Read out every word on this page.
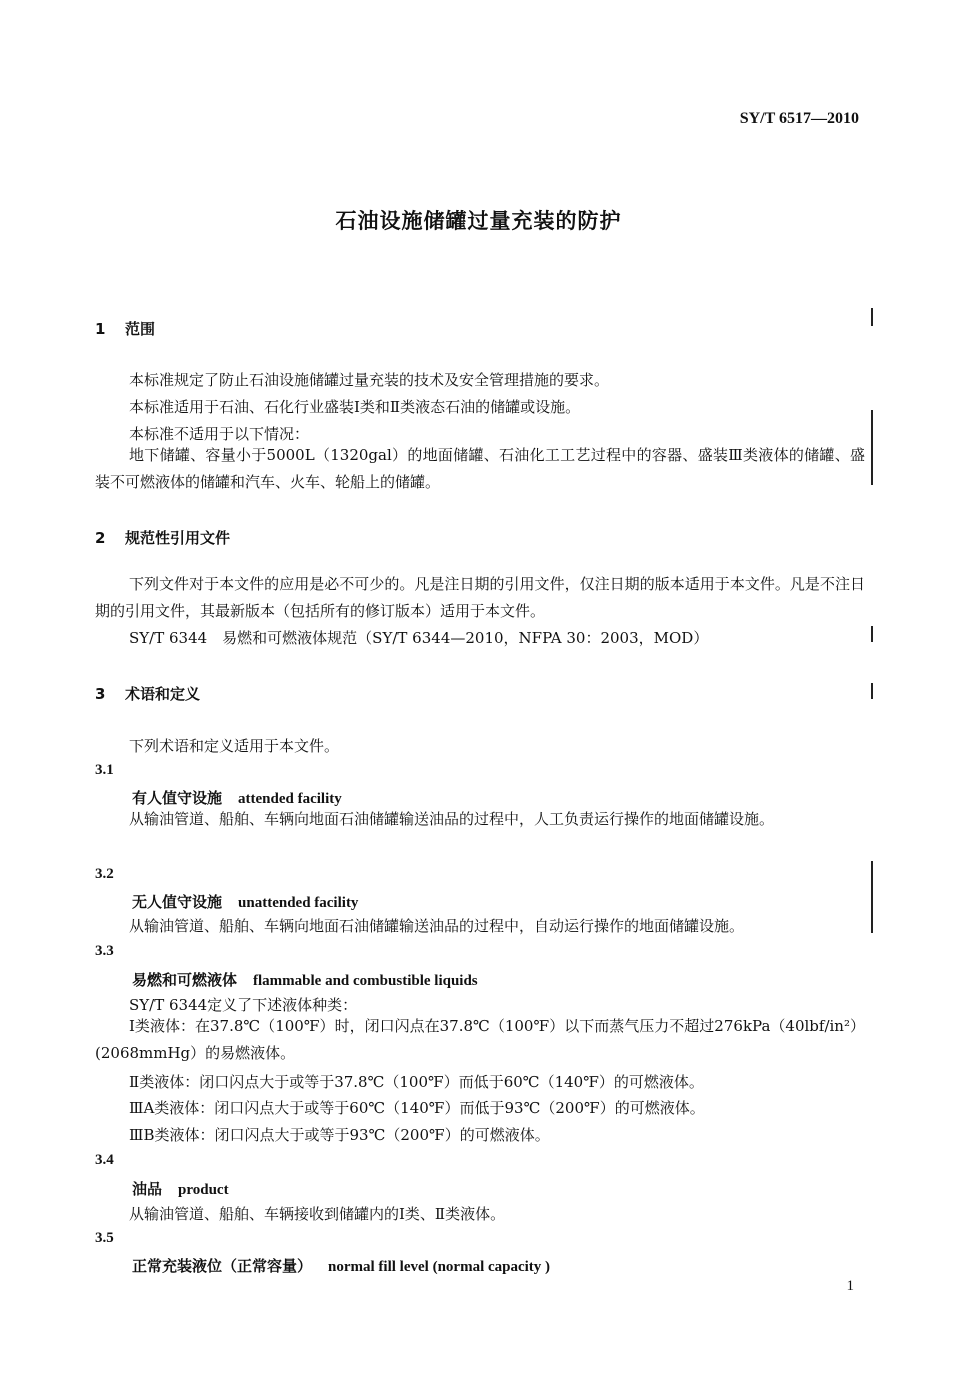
SY/T 6517—2010
石油设施储罐过量充装的防护
1 范围
本标准规定了防止石油设施储罐过量充装的技术及安全管理措施的要求。
本标准适用于石油、石化行业盛装Ⅰ类和Ⅱ类液态石油的储罐或设施。
本标准不适用于以下情况：
地下储罐、容量小于5000L（1320gal）的地面储罐、石油化工工艺过程中的容器、盛装Ⅲ类液体的储罐、盛装不可燃液体的储罐和汽车、火车、轮船上的储罐。
2 规范性引用文件
下列文件对于本文件的应用是必不可少的。凡是注日期的引用文件，仅注日期的版本适用于本文件。凡是不注日期的引用文件，其最新版本（包括所有的修订版本）适用于本文件。
SY/T 6344　易燃和可燃液体规范（SY/T 6344—2010，NFPA 30：2003，MOD）
3 术语和定义
下列术语和定义适用于本文件。
3.1
有人值守设施 attended facility
从输油管道、船舶、车辆向地面石油储罐输送油品的过程中，人工负责运行操作的地面储罐设施。
3.2
无人值守设施 unattended facility
从输油管道、船舶、车辆向地面石油储罐输送油品的过程中，自动运行操作的地面储罐设施。
3.3
易燃和可燃液体 flammable and combustible liquids
SY/T 6344定义了下述液体种类：
Ⅰ类液体：在37.8℃（100℉）时，闭口闪点在37.8℃（100℉）以下而蒸气压力不超过276kPa（40lbf/in²）(2068mmHg）的易燃液体。
Ⅱ类液体：闭口闪点大于或等于37.8℃（100℉）而低于60℃（140℉）的可燃液体。
ⅢA类液体：闭口闪点大于或等于60℃（140℉）而低于93℃（200℉）的可燃液体。
ⅢB类液体：闭口闪点大于或等于93℃（200℉）的可燃液体。
3.4
油品 product
从输油管道、船舶、车辆接收到储罐内的Ⅰ类、Ⅱ类液体。
3.5
正常充装液位（正常容量） normal fill level (normal capacity )
1
